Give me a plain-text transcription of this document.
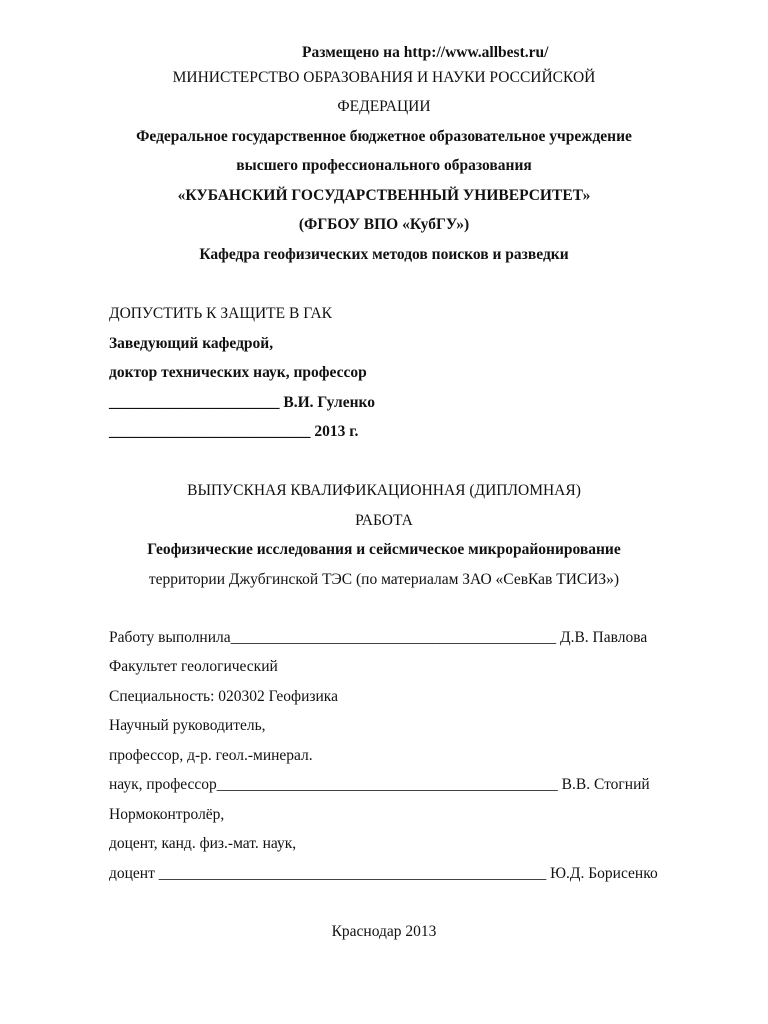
Размещено на http://www.allbest.ru/
МИНИСТЕРСТВО ОБРАЗОВАНИЯ И НАУКИ РОССИЙСКОЙ
ФЕДЕРАЦИИ
Федеральное государственное бюджетное образовательное учреждение
высшего профессионального образования
«КУБАНСКИЙ ГОСУДАРСТВЕННЫЙ УНИВЕРСИТЕТ»
(ФГБОУ ВПО «КубГУ»)
Кафедра геофизических методов поисков и разведки
ДОПУСТИТЬ К ЗАЩИТЕ В ГАК
Заведующий кафедрой,
доктор технических наук, профессор
______________________ В.И. Гуленко
__________________________ 2013 г.
ВЫПУСКНАЯ КВАЛИФИКАЦИОННАЯ (ДИПЛОМНАЯ)
РАБОТА
Геофизические исследования и сейсмическое микрорайонирование
территории Джубгинской ТЭС (по материалам ЗАО «СевКав ТИСИЗ»)
Работу выполнила__________________________________________ Д.В. Павлова
Факультет геологический
Специальность: 020302 Геофизика
Научный руководитель,
профессор, д-р. геол.-минерал.
наук, профессор____________________________________________ В.В. Стогний
Нормоконтролёр,
доцент, канд. физ.-мат. наук,
доцент __________________________________________________ Ю.Д. Борисенко
Краснодар 2013
